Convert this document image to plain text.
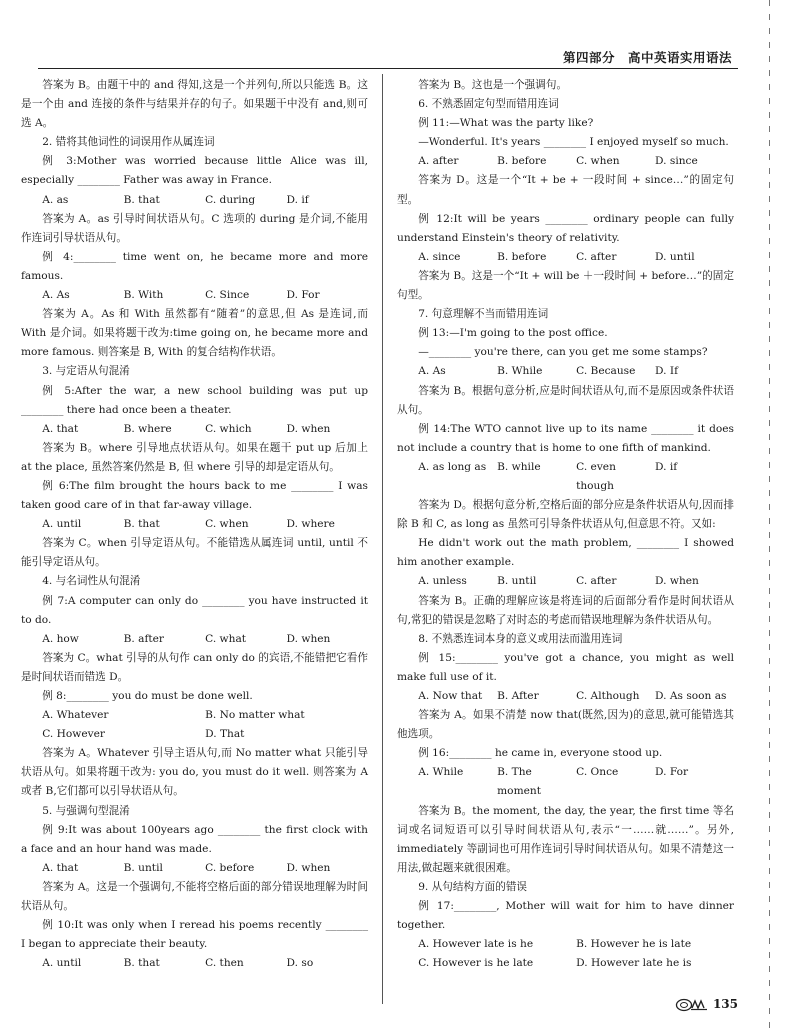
第四部分　高中英语实用语法

答案为 B。由题干中的 and 得知,这是一个并列句,所以只能选 B。这是一个由 and 连接的条件与结果并存的句子。如果题干中没有 and,则可选 A。

2. 错将其他词性的词误用作从属连词

例 3:Mother was worried because little Alice was ill, especially ________ Father was away in France.

A. as	B. that	C. during	D. if

答案为 A。as 引导时间状语从句。C 选项的 during 是介词,不能用作连词引导状语从句。

例 4:________ time went on, he became more and more famous.

A. As	B. With	C. Since	D. For

答案为 A。As 和 With 虽然都有“随着”的意思,但 As 是连词,而 With 是介词。如果将题干改为:time going on, he became more and more famous. 则答案是 B, With 的复合结构作状语。

3. 与定语从句混淆

例 5:After the war, a new school building was put up ________ there had once been a theater.

A. that	B. where	C. which	D. when

答案为 B。where 引导地点状语从句。如果在题干 put up 后加上 at the place, 虽然答案仍然是 B, 但 where 引导的却是定语从句。

例 6:The film brought the hours back to me ________ I was taken good care of in that far-away village.

A. until	B. that	C. when	D. where

答案为 C。when 引导定语从句。不能错选从属连词 until, until 不能引导定语从句。

4. 与名词性从句混淆

例 7:A computer can only do ________ you have instructed it to do.

A. how	B. after	C. what	D. when

答案为 C。what 引导的从句作 can only do 的宾语,不能错把它看作是时间状语而错选 D。

例 8:________ you do must be done well.

A. Whatever	B. No matter what
C. However	D. That

答案为 A。Whatever 引导主语从句,而 No matter what 只能引导状语从句。如果将题干改为: you do, you must do it well. 则答案为 A 或者 B,它们都可以引导状语从句。

5. 与强调句型混淆

例 9:It was about 100years ago ________ the first clock with a face and an hour hand was made.

A. that	B. until	C. before	D. when

答案为 A。这是一个强调句,不能将空格后面的部分错误地理解为时间状语从句。

例 10:It was only when I reread his poems recently ________ I began to appreciate their beauty.

A. until	B. that	C. then	D. so

答案为 B。这也是一个强调句。

6. 不熟悉固定句型而错用连词

例 11:—What was the party like?

—Wonderful. It's years ________ I enjoyed myself so much.

A. after	B. before	C. when	D. since

答案为 D。这是一个“It + be + 一段时间 + since…”的固定句型。

例 12:It will be years ________ ordinary people can fully understand Einstein's theory of relativity.

A. since	B. before	C. after	D. until

答案为 B。这是一个“It + will be ＋一段时间 + before…”的固定句型。

7. 句意理解不当而错用连词

例 13:—I'm going to the post office.

—________ you're there, can you get me some stamps?

A. As	B. While	C. Because	D. If

答案为 B。根据句意分析,应是时间状语从句,而不是原因或条件状语从句。

例 14:The WTO cannot live up to its name ________ it does not include a country that is home to one fifth of mankind.

A. as long as	B. while	C. even though
D. if

答案为 D。根据句意分析,空格后面的部分应是条件状语从句,因而排除 B 和 C, as long as 虽然可引导条件状语从句,但意思不符。又如:

He didn't work out the math problem, ________ I showed him another example.

A. unless	B. until	C. after	D. when

答案为 B。正确的理解应该是将连词的后面部分看作是时间状语从句,常犯的错误是忽略了对时态的考虑而错误地理解为条件状语从句。

8. 不熟悉连词本身的意义或用法而滥用连词

例 15:________ you've got a chance, you might as well make full use of it.

A. Now that	B. After	C. Although	D. As soon as

答案为 A。如果不清楚 now that(既然,因为)的意思,就可能错选其他选项。

例 16:________ he came in, everyone stood up.

A. While	B. The moment
C. Once	D. For

答案为 B。the moment, the day, the year, the first time 等名词或名词短语可以引导时间状语从句,表示“一……就……”。另外, immediately 等副词也可用作连词引导时间状语从句。如果不清楚这一用法,做起题来就很困难。

9. 从句结构方面的错误

例 17:________, Mother will wait for him to have dinner together.

A. However late is he	B. However he is late
C. However is he late	D. However late he is
135
